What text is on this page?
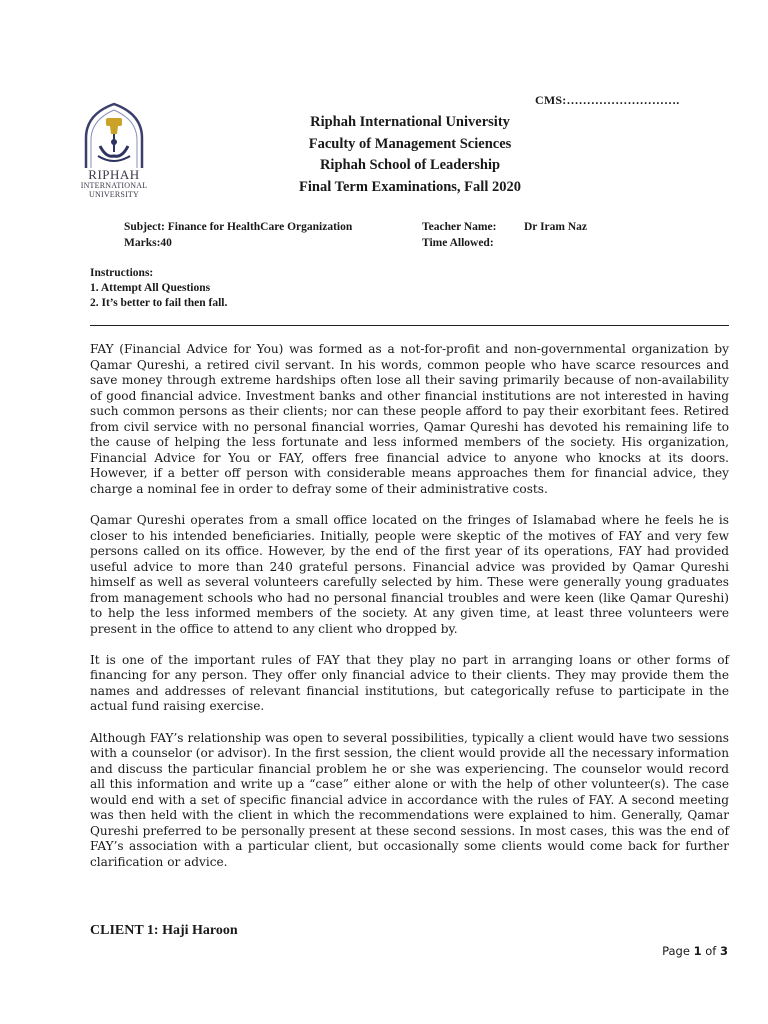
CMS:……………………….
RIPHAH
INTERNATIONAL
UNIVERSITY
Riphah International University
Faculty of Management Sciences
Riphah School of Leadership
Final Term Examinations, Fall 2020
Subject: Finance for HealthCare Organization
Marks:40
Teacher Name: Dr Iram Naz
Time Allowed:
Instructions:
1. Attempt All Questions
2. It’s better to fail then fall.

FAY (Financial Advice for You) was formed as a not-for-profit and non-governmental organization by Qamar Qureshi, a retired civil servant. In his words, common people who have scarce resources and save money through extreme hardships often lose all their saving primarily because of non-availability of good financial advice. Investment banks and other financial institutions are not interested in having such common persons as their clients; nor can these people afford to pay their exorbitant fees. Retired from civil service with no personal financial worries, Qamar Qureshi has devoted his remaining life to the cause of helping the less fortunate and less informed members of the society. His organization, Financial Advice for You or FAY, offers free financial advice to anyone who knocks at its doors. However, if a better off person with considerable means approaches them for financial advice, they charge a nominal fee in order to defray some of their administrative costs.

Qamar Qureshi operates from a small office located on the fringes of Islamabad where he feels he is closer to his intended beneficiaries. Initially, people were skeptic of the motives of FAY and very few persons called on its office. However, by the end of the first year of its operations, FAY had provided useful advice to more than 240 grateful persons. Financial advice was provided by Qamar Qureshi himself as well as several volunteers carefully selected by him. These were generally young graduates from management schools who had no personal financial troubles and were keen (like Qamar Qureshi) to help the less informed members of the society. At any given time, at least three volunteers were present in the office to attend to any client who dropped by.

It is one of the important rules of FAY that they play no part in arranging loans or other forms of financing for any person. They offer only financial advice to their clients. They may provide them the names and addresses of relevant financial institutions, but categorically refuse to participate in the actual fund raising exercise.

Although FAY’s relationship was open to several possibilities, typically a client would have two sessions with a counselor (or advisor). In the first session, the client would provide all the necessary information and discuss the particular financial problem he or she was experiencing. The counselor would record all this information and write up a “case” either alone or with the help of other volunteer(s). The case would end with a set of specific financial advice in accordance with the rules of FAY. A second meeting was then held with the client in which the recommendations were explained to him. Generally, Qamar Qureshi preferred to be personally present at these second sessions. In most cases, this was the end of FAY’s association with a particular client, but occasionally some clients would come back for further clarification or advice.

CLIENT 1: Haji Haroon
Page 1 of 3
